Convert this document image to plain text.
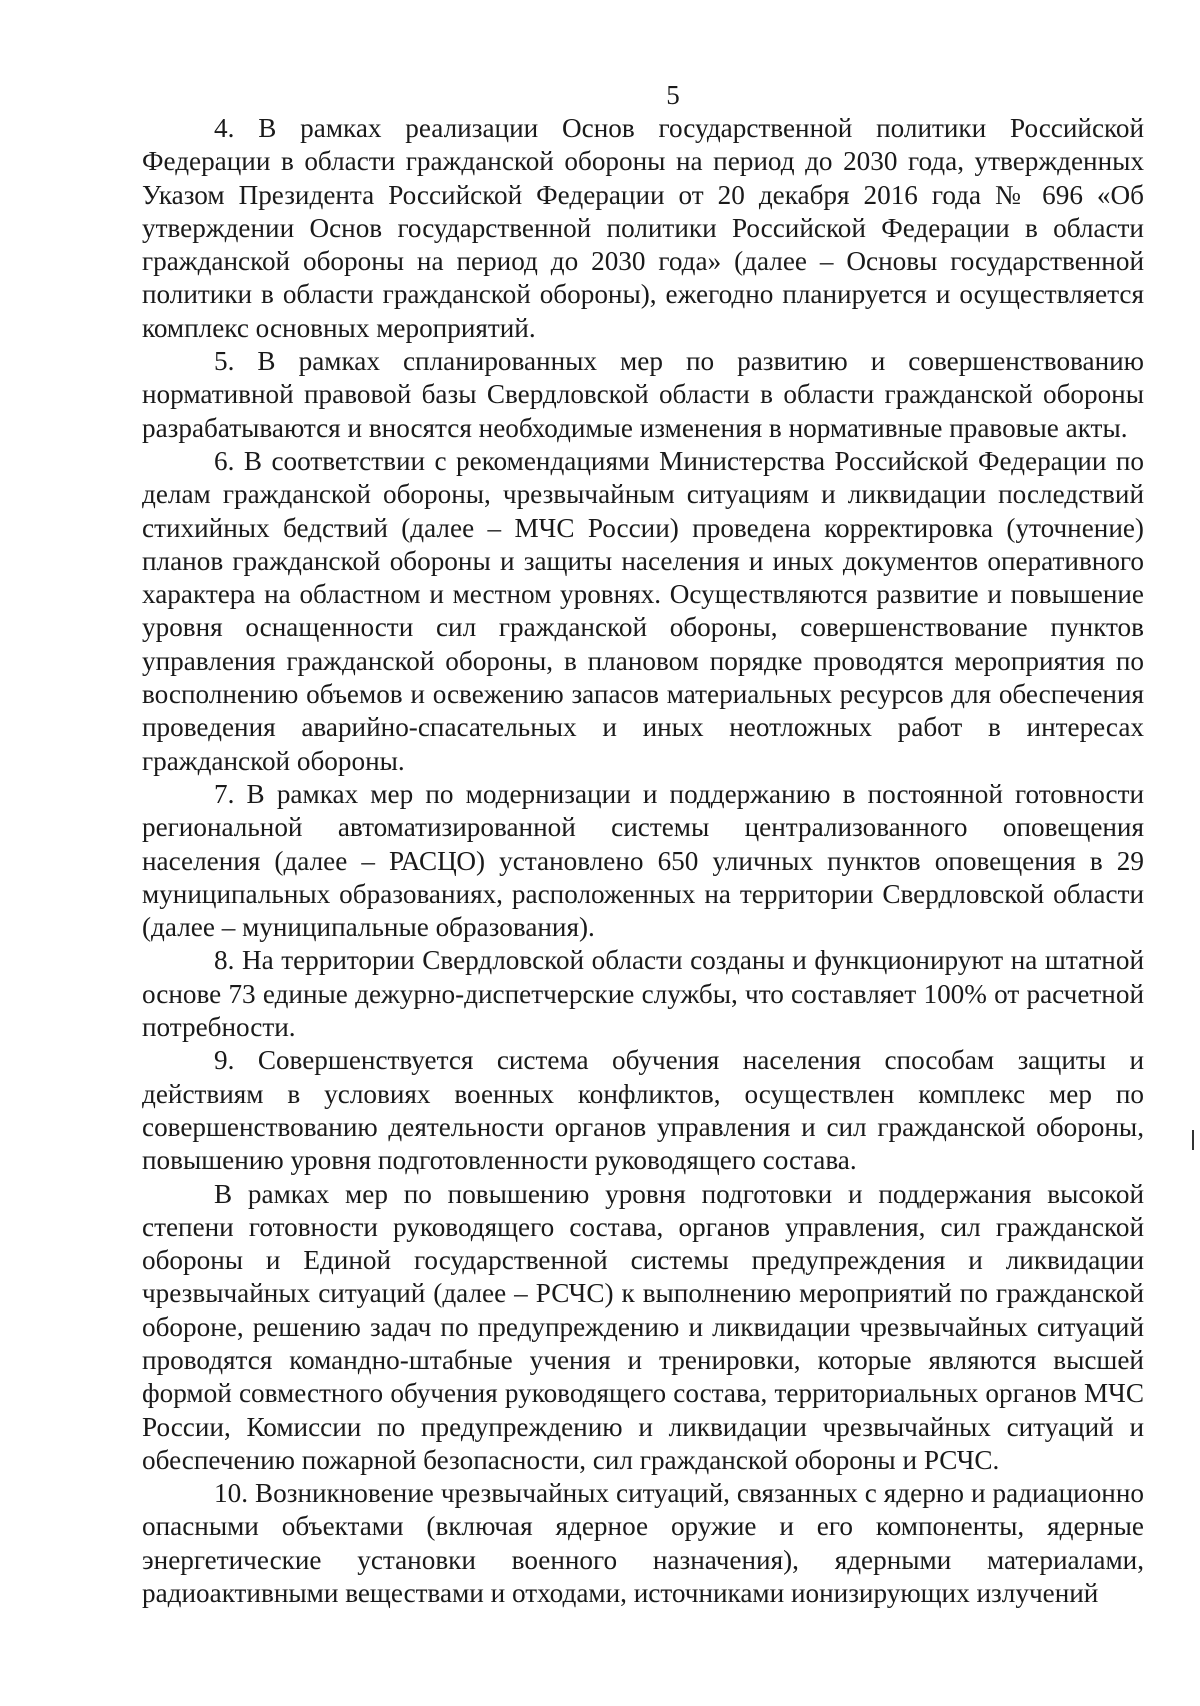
5

4. В рамках реализации Основ государственной политики Российской Федерации в области гражданской обороны на период до 2030 года, утвержденных Указом Президента Российской Федерации от 20 декабря 2016 года № 696 «Об утверждении Основ государственной политики Российской Федерации в области гражданской обороны на период до 2030 года» (далее – Основы государственной политики в области гражданской обороны), ежегодно планируется и осуществляется комплекс основных мероприятий.

5. В рамках спланированных мер по развитию и совершенствованию нормативной правовой базы Свердловской области в области гражданской обороны разрабатываются и вносятся необходимые изменения в нормативные правовые акты.

6. В соответствии с рекомендациями Министерства Российской Федерации по делам гражданской обороны, чрезвычайным ситуациям и ликвидации последствий стихийных бедствий (далее – МЧС России) проведена корректировка (уточнение) планов гражданской обороны и защиты населения и иных документов оперативного характера на областном и местном уровнях. Осуществляются развитие и повышение уровня оснащенности сил гражданской обороны, совершенствование пунктов управления гражданской обороны, в плановом порядке проводятся мероприятия по восполнению объемов и освежению запасов материальных ресурсов для обеспечения проведения аварийно-спасательных и иных неотложных работ в интересах гражданской обороны.

7. В рамках мер по модернизации и поддержанию в постоянной готовности региональной автоматизированной системы централизованного оповещения населения (далее – РАСЦО) установлено 650 уличных пунктов оповещения в 29 муниципальных образованиях, расположенных на территории Свердловской области (далее – муниципальные образования).

8. На территории Свердловской области созданы и функционируют на штатной основе 73 единые дежурно-диспетчерские службы, что составляет 100% от расчетной потребности.

9. Совершенствуется система обучения населения способам защиты и действиям в условиях военных конфликтов, осуществлен комплекс мер по совершенствованию деятельности органов управления и сил гражданской обороны, повышению уровня подготовленности руководящего состава.

В рамках мер по повышению уровня подготовки и поддержания высокой степени готовности руководящего состава, органов управления, сил гражданской обороны и Единой государственной системы предупреждения и ликвидации чрезвычайных ситуаций (далее – РСЧС) к выполнению мероприятий по гражданской обороне, решению задач по предупреждению и ликвидации чрезвычайных ситуаций проводятся командно-штабные учения и тренировки, которые являются высшей формой совместного обучения руководящего состава, территориальных органов МЧС России, Комиссии по предупреждению и ликвидации чрезвычайных ситуаций и обеспечению пожарной безопасности, сил гражданской обороны и РСЧС.

10. Возникновение чрезвычайных ситуаций, связанных с ядерно и радиационно опасными объектами (включая ядерное оружие и его компоненты, ядерные энергетические установки военного назначения), ядерными материалами, радиоактивными веществами и отходами, источниками ионизирующих излучений
